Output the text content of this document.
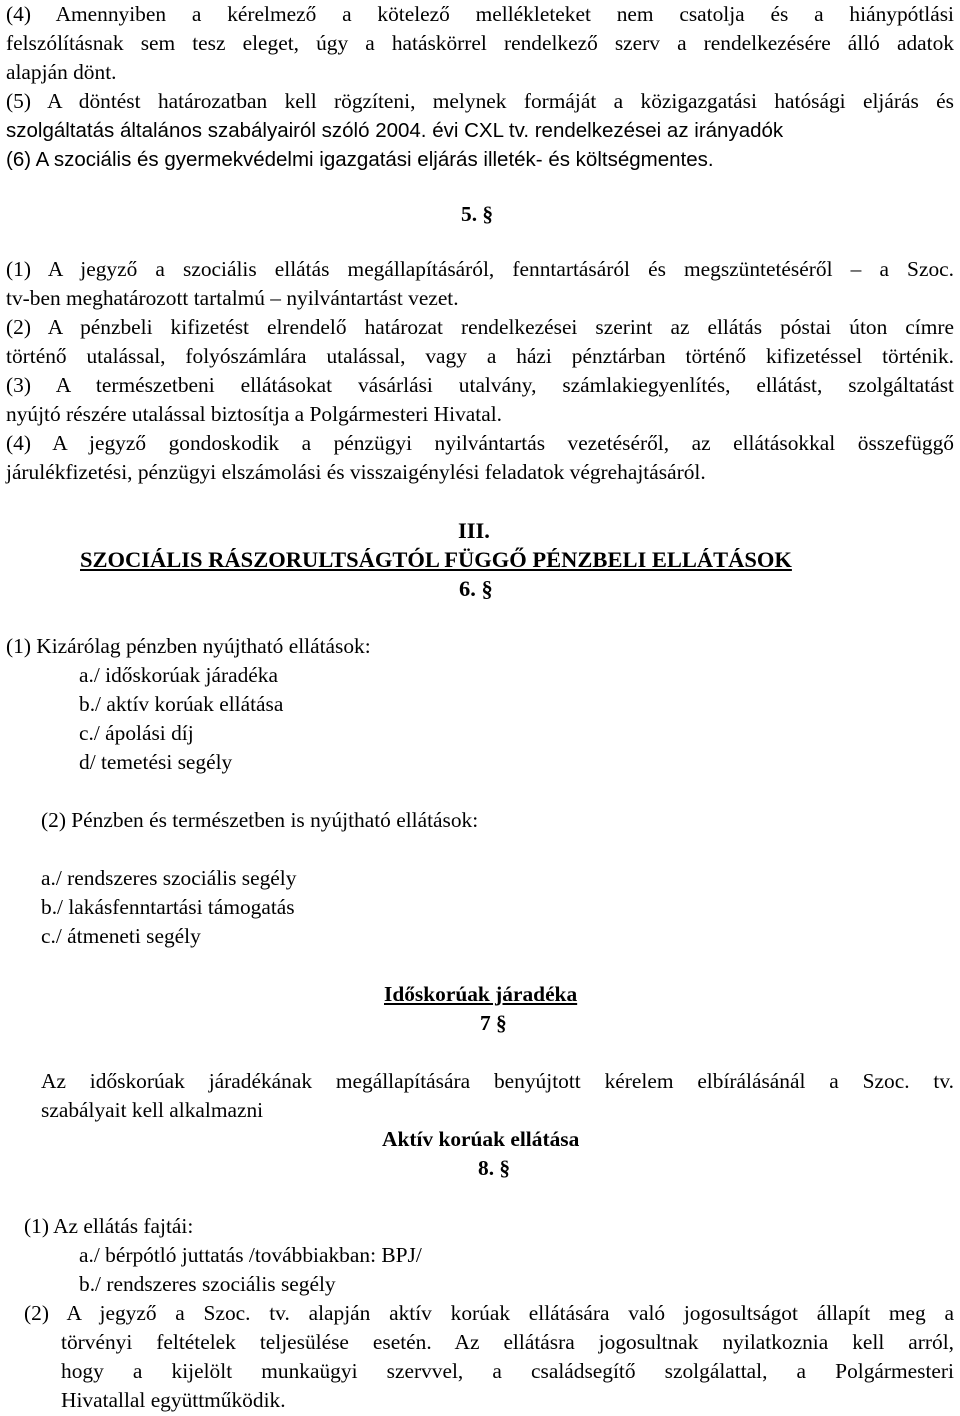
(4) Amennyiben a kérelmező a kötelező mellékleteket nem csatolja és a hiánypótlási
felszólításnak sem tesz eleget, úgy a hatáskörrel rendelkező szerv a rendelkezésére álló adatok
alapján dönt.
(5) A döntést határozatban kell rögzíteni, melynek formáját a közigazgatási hatósági eljárás és
szolgáltatás általános szabályairól szóló 2004. évi CXL tv. rendelkezései az irányadók
(6) A szociális és gyermekvédelmi igazgatási eljárás illeték- és költségmentes.
5. §
(1) A jegyző a szociális ellátás megállapításáról, fenntartásáról és megszüntetéséről – a Szoc.
tv-ben meghatározott tartalmú – nyilvántartást vezet.
(2) A pénzbeli kifizetést elrendelő határozat rendelkezései szerint az ellátás póstai úton címre
történő utalással, folyószámlára utalással, vagy a házi pénztárban történő kifizetéssel történik.
(3) A természetbeni ellátásokat vásárlási utalvány, számlakiegyenlítés, ellátást, szolgáltatást
nyújtó részére utalással biztosítja a Polgármesteri Hivatal.
(4) A jegyző gondoskodik a pénzügyi nyilvántartás vezetéséről, az ellátásokkal összefüggő
járulékfizetési, pénzügyi elszámolási és visszaigénylési feladatok végrehajtásáról.
III.
SZOCIÁLIS RÁSZORULTSÁGTÓL FÜGGŐ PÉNZBELI ELLÁTÁSOK
6. §
(1) Kizárólag pénzben nyújtható ellátások:
a./ időskorúak járadéka
b./ aktív korúak ellátása
c./ ápolási díj
d/ temetési segély
(2) Pénzben és természetben is nyújtható ellátások:
a./ rendszeres szociális segély
b./ lakásfenntartási támogatás
c./ átmeneti segély
Időskorúak járadéka
7 §
Az időskorúak járadékának megállapítására benyújtott kérelem elbírálásánál a Szoc. tv.
szabályait kell alkalmazni
Aktív korúak ellátása
8. §
(1) Az ellátás fajtái:
a./ bérpótló juttatás /továbbiakban: BPJ/
b./ rendszeres szociális segély
(2) A jegyző a Szoc. tv. alapján aktív korúak ellátására való jogosultságot állapít meg a
törvényi feltételek teljesülése esetén. Az ellátásra jogosultnak nyilatkoznia kell arról,
hogy a kijelölt munkaügyi szervvel, a családsegítő szolgálattal, a Polgármesteri
Hivatallal együttműködik.
